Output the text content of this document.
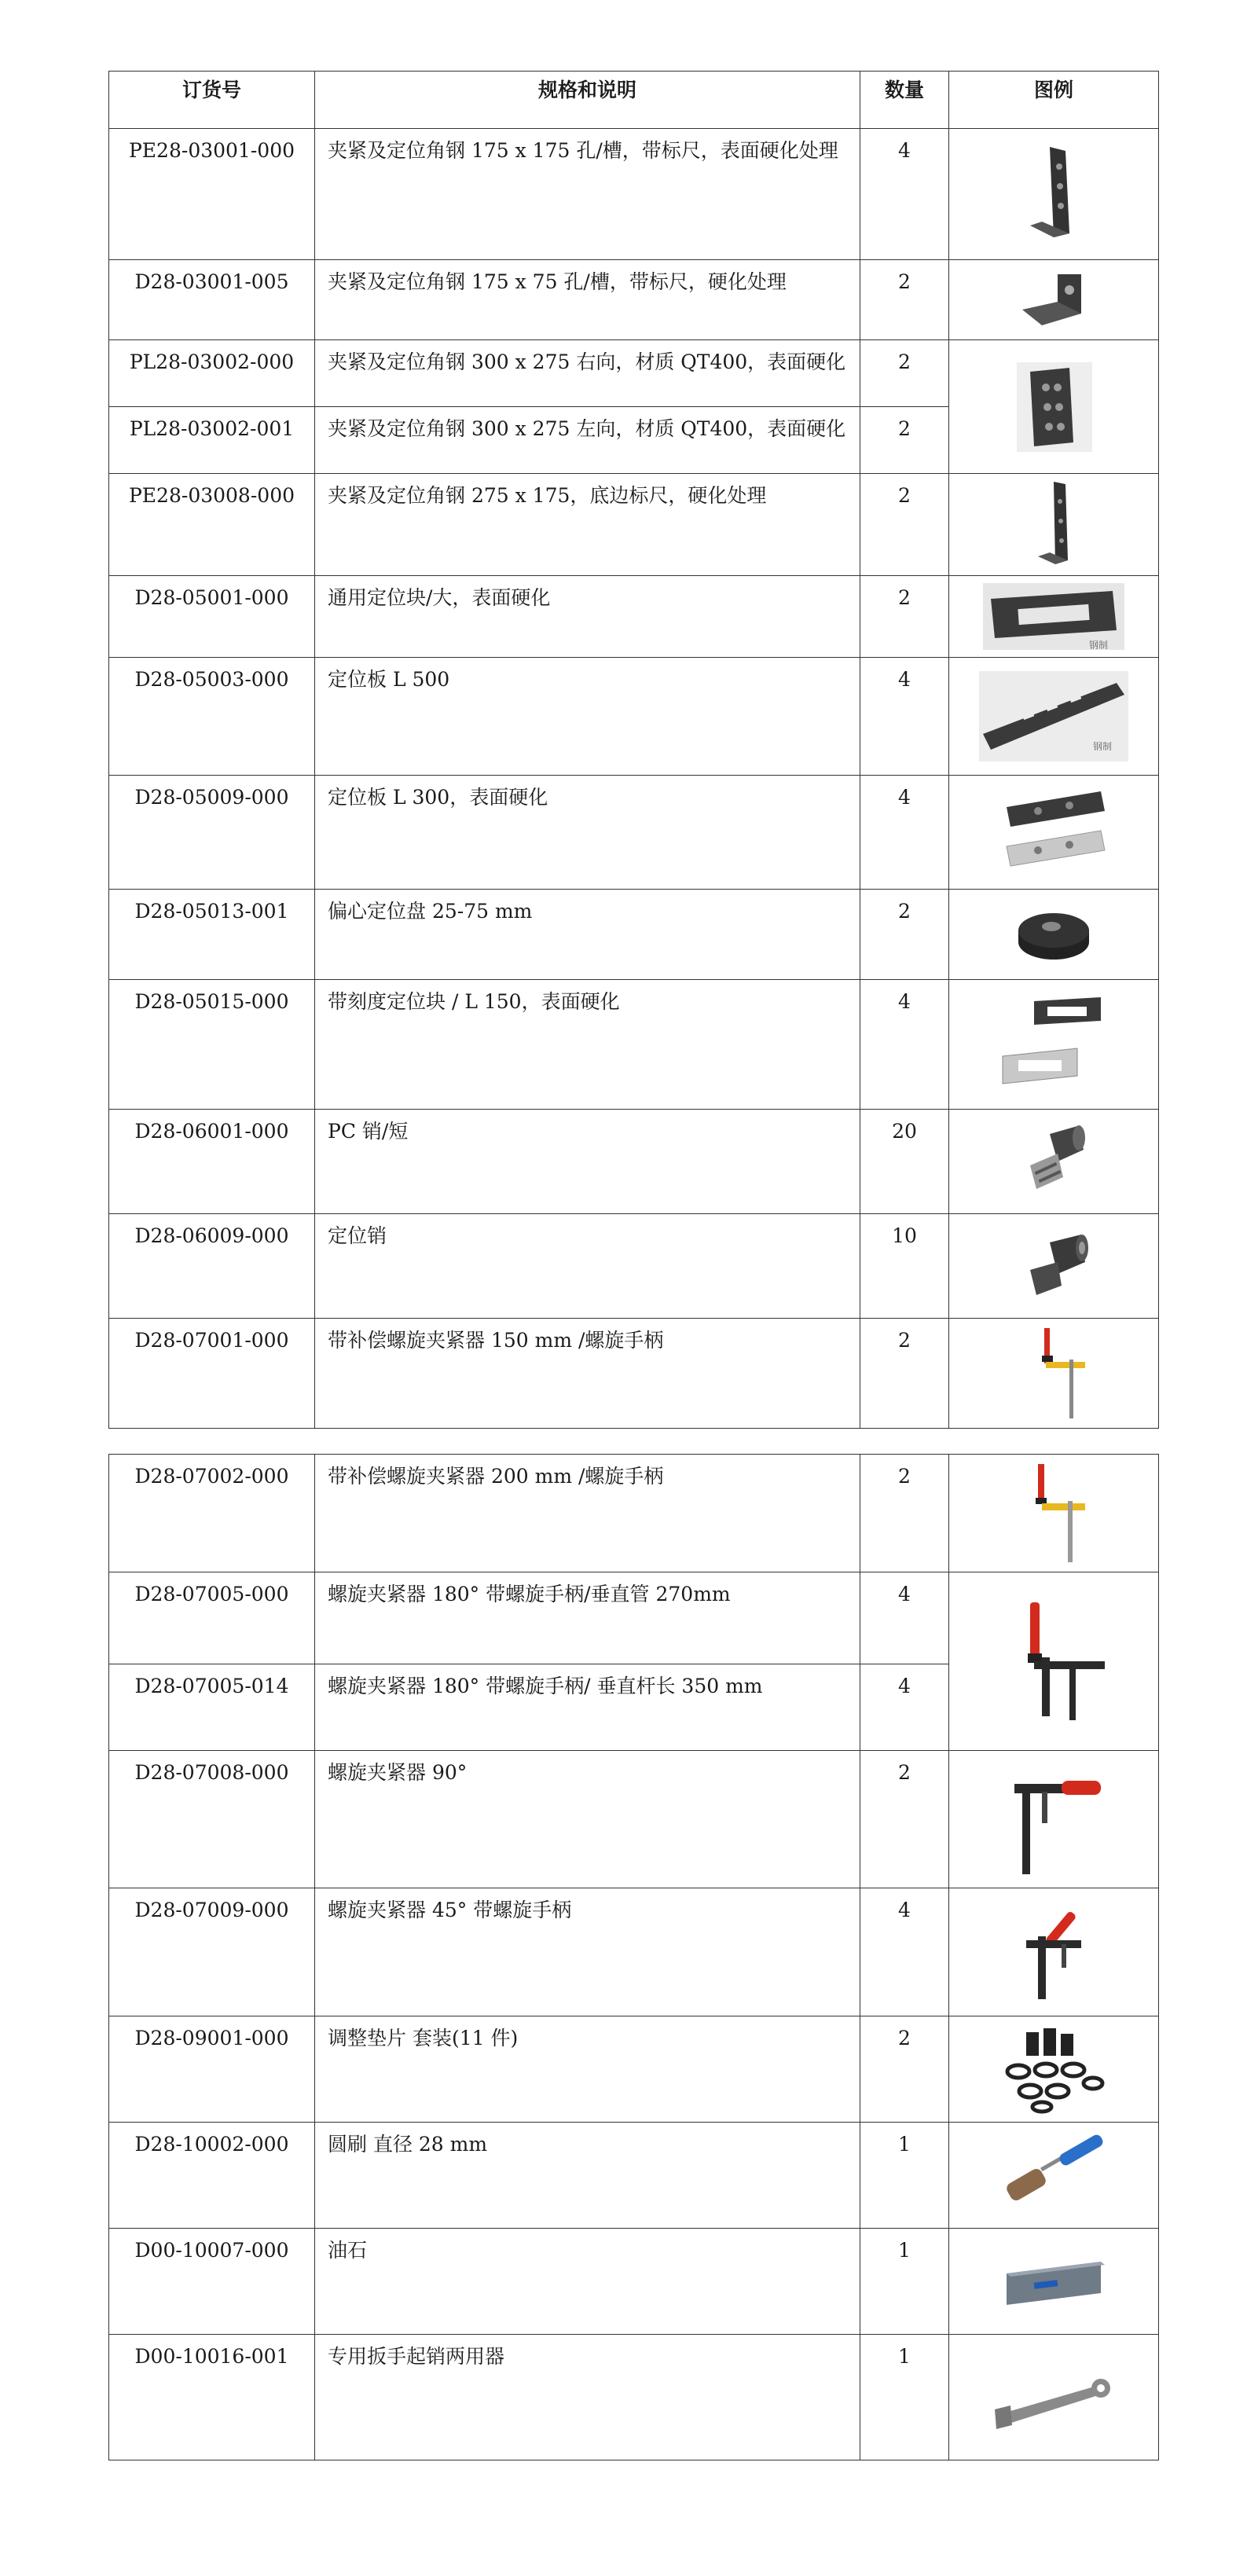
订货号	规格和说明	数量	图例
PE28-03001-000	夹紧及定位角钢 175 x 175 孔/槽，带标尺，表面硬化处理	4	

D28-03001-005	夹紧及定位角钢 175 x 75 孔/槽，带标尺，硬化处理	2	

PL28-03002-000	夹紧及定位角钢 300 x 275 右向，材质 QT400，表面硬化	2	

PL28-03002-001	夹紧及定位角钢 300 x 275 左向，材质 QT400，表面硬化	2	
PE28-03008-000	夹紧及定位角钢 275 x 175，底边标尺，硬化处理	2	

D28-05001-000	通用定位块/大，表面硬化	2	钢制

D28-05003-000	定位板 L 500	4	钢制

D28-05009-000	定位板 L 300，表面硬化	4	

D28-05013-001	偏心定位盘 25-75 mm	2	

D28-05015-000	带刻度定位块 / L 150，表面硬化	4	

D28-06001-000	PC 销/短	20	

D28-06009-000	定位销	10	

D28-07001-000	带补偿螺旋夹紧器 150 mm /螺旋手柄	2	
D28-07002-000	带补偿螺旋夹紧器 200 mm /螺旋手柄	2	

D28-07005-000	螺旋夹紧器 180° 带螺旋手柄/垂直管 270mm	4	

D28-07005-014	螺旋夹紧器 180° 带螺旋手柄/ 垂直杆长 350 mm	4	
D28-07008-000	螺旋夹紧器 90°	2	

D28-07009-000	螺旋夹紧器 45° 带螺旋手柄	4	

D28-09001-000	调整垫片 套装(11 件)	2	

D28-10002-000	圆刷 直径 28 mm	1	

D00-10007-000	油石	1	

D00-10016-001	专用扳手起销两用器	1	
